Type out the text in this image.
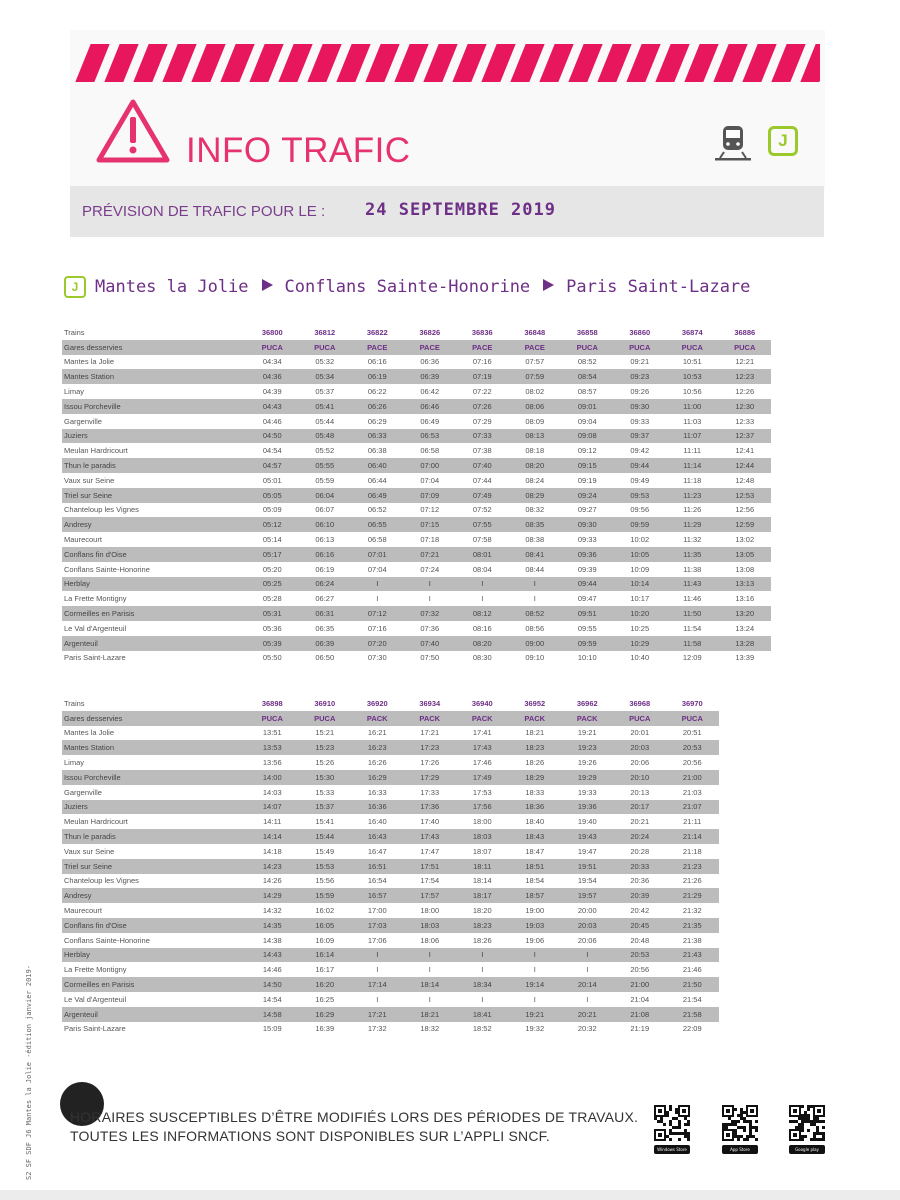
INFO TRAFIC	J
PRÉVISION DE TRAFIC POUR LE : 24 SEPTEMBRE 2019
J Mantes la Jolie Conflans Sainte-Honorine Paris Saint-Lazare
Trains	36800	36812	36822	36826	36836	36848	36858	36860	36874	36886
Gares desservies	PUCA	PUCA	PACE	PACE	PACE	PACE	PUCA	PUCA	PUCA	PUCA
Mantes la Jolie	04:34	05:32	06:16	06:36	07:16	07:57	08:52	09:21	10:51	12:21
Mantes Station	04:36	05:34	06:19	06:39	07:19	07:59	08:54	09:23	10:53	12:23
Limay	04:39	05:37	06:22	06:42	07:22	08:02	08:57	09:26	10:56	12:26
Issou Porcheville	04:43	05:41	06:26	06:46	07:26	08:06	09:01	09:30	11:00	12:30
Gargenville	04:46	05:44	06:29	06:49	07:29	08:09	09:04	09:33	11:03	12:33
Juziers	04:50	05:48	06:33	06:53	07:33	08:13	09:08	09:37	11:07	12:37
Meulan Hardricourt	04:54	05:52	06:38	06:58	07:38	08:18	09:12	09:42	11:11	12:41
Thun le paradis	04:57	05:55	06:40	07:00	07:40	08:20	09:15	09:44	11:14	12:44
Vaux sur Seine	05:01	05:59	06:44	07:04	07:44	08:24	09:19	09:49	11:18	12:48
Triel sur Seine	05:05	06:04	06:49	07:09	07:49	08:29	09:24	09:53	11:23	12:53
Chanteloup les Vignes	05:09	06:07	06:52	07:12	07:52	08:32	09:27	09:56	11:26	12:56
Andresy	05:12	06:10	06:55	07:15	07:55	08:35	09:30	09:59	11:29	12:59
Maurecourt	05:14	06:13	06:58	07:18	07:58	08:38	09:33	10:02	11:32	13:02
Conflans fin d'Oise	05:17	06:16	07:01	07:21	08:01	08:41	09:36	10:05	11:35	13:05
Conflans Sainte-Honorine	05:20	06:19	07:04	07:24	08:04	08:44	09:39	10:09	11:38	13:08
Herblay	05:25	06:24	I	I	I	I	09:44	10:14	11:43	13:13
La Frette Montigny	05:28	06:27	I	I	I	I	09:47	10:17	11:46	13:16
Cormeilles en Parisis	05:31	06:31	07:12	07:32	08:12	08:52	09:51	10:20	11:50	13:20
Le Val d'Argenteuil	05:36	06:35	07:16	07:36	08:16	08:56	09:55	10:25	11:54	13:24
Argenteuil	05:39	06:39	07:20	07:40	08:20	09:00	09:59	10:29	11:58	13:28
Paris Saint-Lazare	05:50	06:50	07:30	07:50	08:30	09:10	10:10	10:40	12:09	13:39
Trains	36898	36910	36920	36934	36940	36952	36962	36968	36970
Gares desservies	PUCA	PUCA	PACK	PACK	PACK	PACK	PACK	PUCA	PUCA
Mantes la Jolie	13:51	15:21	16:21	17:21	17:41	18:21	19:21	20:01	20:51
Mantes Station	13:53	15:23	16:23	17:23	17:43	18:23	19:23	20:03	20:53
Limay	13:56	15:26	16:26	17:26	17:46	18:26	19:26	20:06	20:56
Issou Porcheville	14:00	15:30	16:29	17:29	17:49	18:29	19:29	20:10	21:00
Gargenville	14:03	15:33	16:33	17:33	17:53	18:33	19:33	20:13	21:03
Juziers	14:07	15:37	16:36	17:36	17:56	18:36	19:36	20:17	21:07
Meulan Hardricourt	14:11	15:41	16:40	17:40	18:00	18:40	19:40	20:21	21:11
Thun le paradis	14:14	15:44	16:43	17:43	18:03	18:43	19:43	20:24	21:14
Vaux sur Seine	14:18	15:49	16:47	17:47	18:07	18:47	19:47	20:28	21:18
Triel sur Seine	14:23	15:53	16:51	17:51	18:11	18:51	19:51	20:33	21:23
Chanteloup les Vignes	14:26	15:56	16:54	17:54	18:14	18:54	19:54	20:36	21:26
Andresy	14:29	15:59	16:57	17:57	18:17	18:57	19:57	20:39	21:29
Maurecourt	14:32	16:02	17:00	18:00	18:20	19:00	20:00	20:42	21:32
Conflans fin d'Oise	14:35	16:05	17:03	18:03	18:23	19:03	20:03	20:45	21:35
Conflans Sainte-Honorine	14:38	16:09	17:06	18:06	18:26	19:06	20:06	20:48	21:38
Herblay	14:43	16:14	I	I	I	I	I	20:53	21:43
La Frette Montigny	14:46	16:17	I	I	I	I	I	20:56	21:46
Cormeilles en Parisis	14:50	16:20	17:14	18:14	18:34	19:14	20:14	21:00	21:50
Le Val d'Argenteuil	14:54	16:25	I	I	I	I	I	21:04	21:54
Argenteuil	14:58	16:29	17:21	18:21	18:41	19:21	20:21	21:08	21:58
Paris Saint-Lazare	15:09	16:39	17:32	18:32	18:52	19:32	20:32	21:19	22:09
S2 SF SDF J6 Mantes la Jolie -édition janvier 2019-	HORAIRES SUSCEPTIBLES D’ÊTRE MODIFIÉS LORS DES PÉRIODES DE TRAVAUX.
TOUTES LES INFORMATIONS SONT DISPONIBLES SUR L’APPLI SNCF.
Windows Store	App Store	Google play
